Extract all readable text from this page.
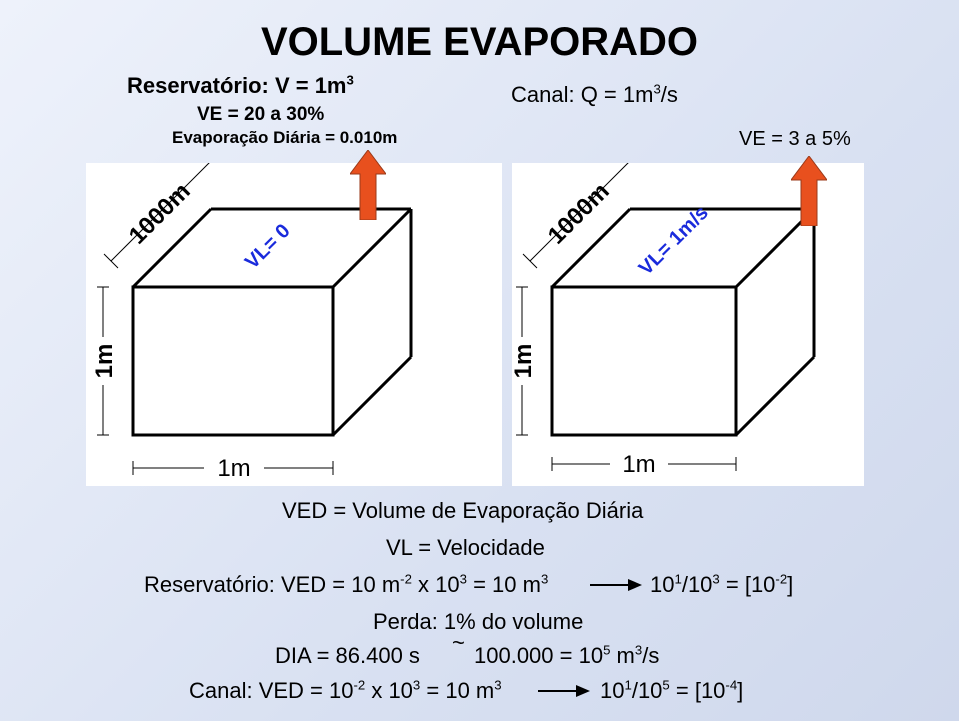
VOLUME EVAPORADO
Reservatório: $V = 1m^3$
VE = 20 a 30%
Evaporação Diária = 0.010m
Canal: $Q = 1m^3/s$
VE = 3 a 5%
1000m VL= 0
1m
1m
1000m VL= 1m/s
1m
1m
VED = Volume de Evaporação Diária
VL = Velocidade
Reservatório: VED = 10 $m^{-2}$ x $10^3 = 10$ $m^3$	$10^1/10^3 = [10^{-2}]$
Perda: 1% do volume
DIA = 86.400 s
~
$100.000 = 10^5$ $m^3/s$
Canal: VED = $10^{-2}$ x $10^3 = 10$ $m^3$	$10^1/10^5 = [10^{-4}]$
